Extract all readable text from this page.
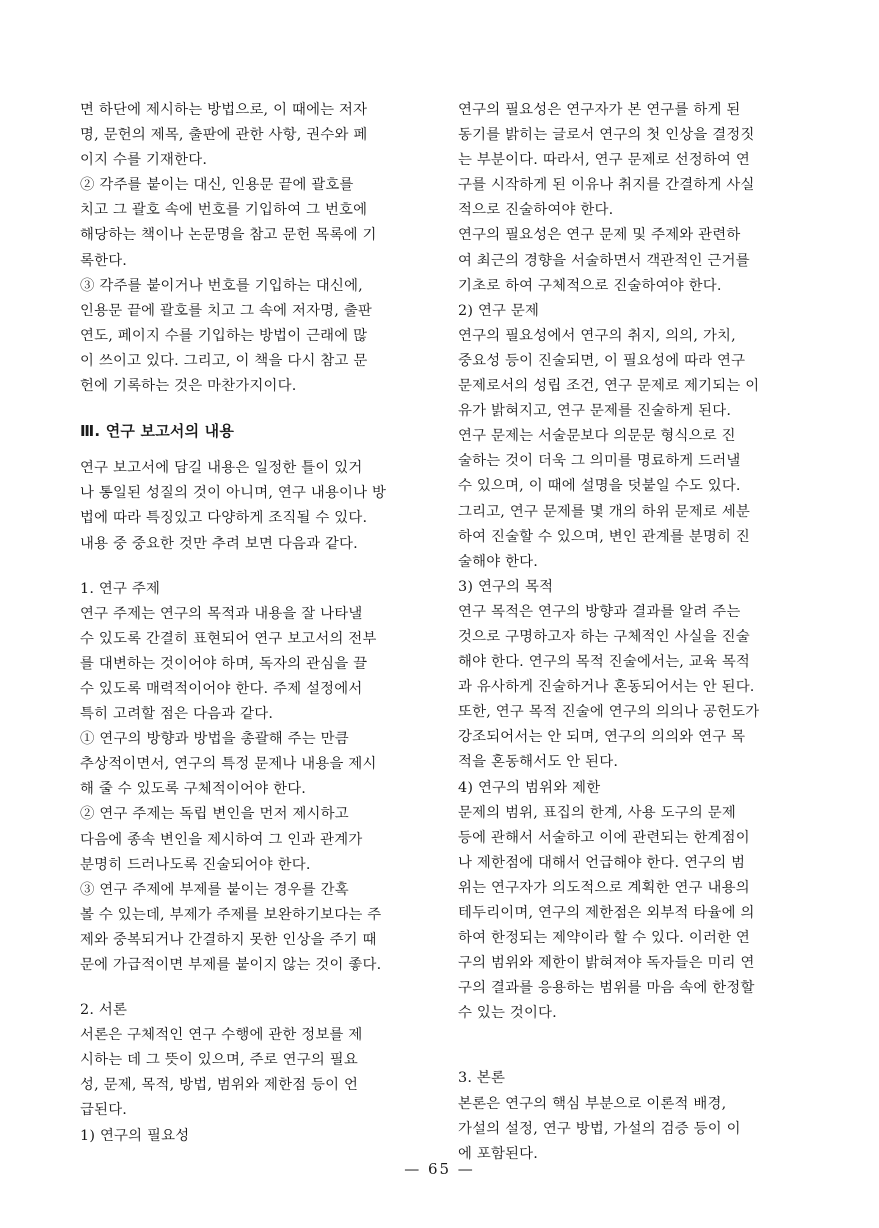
면 하단에 제시하는 방법으로, 이 때에는 저자
명, 문헌의 제목, 출판에 관한 사항, 권수와 페
이지 수를 기재한다.
② 각주를 붙이는 대신, 인용문 끝에 괄호를
치고 그 괄호 속에 번호를 기입하여 그 번호에
해당하는 책이나 논문명을 참고 문헌 목록에 기
록한다.
③ 각주를 붙이거나 번호를 기입하는 대신에,
인용문 끝에 괄호를 치고 그 속에 저자명, 출판
연도, 페이지 수를 기입하는 방법이 근래에 많
이 쓰이고 있다. 그리고, 이 책을 다시 참고 문
헌에 기록하는 것은 마찬가지이다.
Ⅲ. 연구 보고서의 내용
연구 보고서에 담길 내용은 일정한 틀이 있거
나 통일된 성질의 것이 아니며, 연구 내용이나 방
법에 따라 특징있고 다양하게 조직될 수 있다.
내용 중 중요한 것만 추려 보면 다음과 같다.
1. 연구 주제
연구 주제는 연구의 목적과 내용을 잘 나타낼
수 있도록 간결히 표현되어 연구 보고서의 전부
를 대변하는 것이어야 하며, 독자의 관심을 끌
수 있도록 매력적이어야 한다. 주제 설정에서
특히 고려할 점은 다음과 같다.
① 연구의 방향과 방법을 총괄해 주는 만큼
추상적이면서, 연구의 특정 문제나 내용을 제시
해 줄 수 있도록 구체적이어야 한다.
② 연구 주제는 독립 변인을 먼저 제시하고
다음에 종속 변인을 제시하여 그 인과 관계가
분명히 드러나도록 진술되어야 한다.
③ 연구 주제에 부제를 붙이는 경우를 간혹
볼 수 있는데, 부제가 주제를 보완하기보다는 주
제와 중복되거나 간결하지 못한 인상을 주기 때
문에 가급적이면 부제를 붙이지 않는 것이 좋다.
2. 서론
서론은 구체적인 연구 수행에 관한 정보를 제
시하는 데 그 뜻이 있으며, 주로 연구의 필요
성, 문제, 목적, 방법, 범위와 제한점 등이 언
급된다.
1) 연구의 필요성
연구의 필요성은 연구자가 본 연구를 하게 된
동기를 밝히는 글로서 연구의 첫 인상을 결정짓
는 부분이다. 따라서, 연구 문제로 선정하여 연
구를 시작하게 된 이유나 취지를 간결하게 사실
적으로 진술하여야 한다.
연구의 필요성은 연구 문제 및 주제와 관련하
여 최근의 경향을 서술하면서 객관적인 근거를
기초로 하여 구체적으로 진술하여야 한다.
2) 연구 문제
연구의 필요성에서 연구의 취지, 의의, 가치,
중요성 등이 진술되면, 이 필요성에 따라 연구
문제로서의 성립 조건, 연구 문제로 제기되는 이
유가 밝혀지고, 연구 문제를 진술하게 된다.
연구 문제는 서술문보다 의문문 형식으로 진
술하는 것이 더욱 그 의미를 명료하게 드러낼
수 있으며, 이 때에 설명을 덧붙일 수도 있다.
그리고, 연구 문제를 몇 개의 하위 문제로 세분
하여 진술할 수 있으며, 변인 관계를 분명히 진
술해야 한다.
3) 연구의 목적
연구 목적은 연구의 방향과 결과를 알려 주는
것으로 구명하고자 하는 구체적인 사실을 진술
해야 한다. 연구의 목적 진술에서는, 교육 목적
과 유사하게 진술하거나 혼동되어서는 안 된다.
또한, 연구 목적 진술에 연구의 의의나 공헌도가
강조되어서는 안 되며, 연구의 의의와 연구 목
적을 혼동해서도 안 된다.
4) 연구의 범위와 제한
문제의 범위, 표집의 한계, 사용 도구의 문제
등에 관해서 서술하고 이에 관련되는 한계점이
나 제한점에 대해서 언급해야 한다. 연구의 범
위는 연구자가 의도적으로 계획한 연구 내용의
테두리이며, 연구의 제한점은 외부적 타율에 의
하여 한정되는 제약이라 할 수 있다. 이러한 연
구의 범위와 제한이 밝혀져야 독자들은 미리 연
구의 결과를 응용하는 범위를 마음 속에 한정할
수 있는 것이다.
3. 본론
본론은 연구의 핵심 부분으로 이론적 배경,
가설의 설정, 연구 방법, 가설의 검증 등이 이
에 포함된다.
— 65 —
